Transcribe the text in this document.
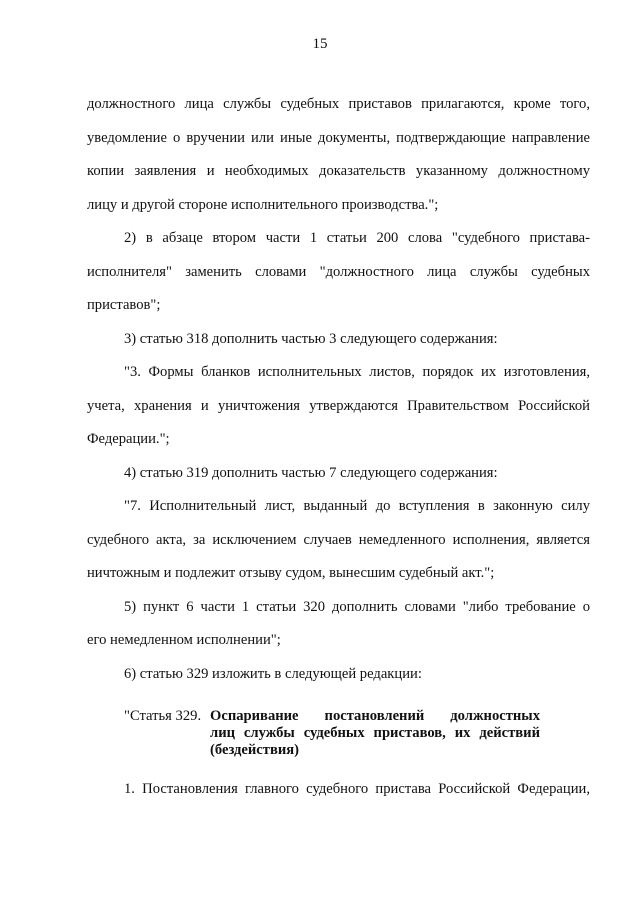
15

должностного лица службы судебных приставов прилагаются, кроме того,
уведомление о вручении или иные документы, подтверждающие направление
копии заявления и необходимых доказательств указанному должностному
лицу и другой стороне исполнительного производства.";

2) в абзаце втором части 1 статьи 200 слова "судебного пристава-
исполнителя" заменить словами "должностного лица службы судебных
приставов";

3) статью 318 дополнить частью 3 следующего содержания:

"3. Формы бланков исполнительных листов, порядок их изготовления,
учета, хранения и уничтожения утверждаются Правительством Российской
Федерации.";

4) статью 319 дополнить частью 7 следующего содержания:

"7. Исполнительный лист, выданный до вступления в законную силу
судебного акта, за исключением случаев немедленного исполнения, является
ничтожным и подлежит отзыву судом, вынесшим судебный акт.";

5) пункт 6 части 1 статьи 320 дополнить словами "либо требование о
его немедленном исполнении";

6) статью 329 изложить в следующей редакции:

"Статья 329. Оспаривание постановлений должностных
лиц службы судебных приставов, их действий
(бездействия)
1. Постановления главного судебного пристава Российской Федерации,
